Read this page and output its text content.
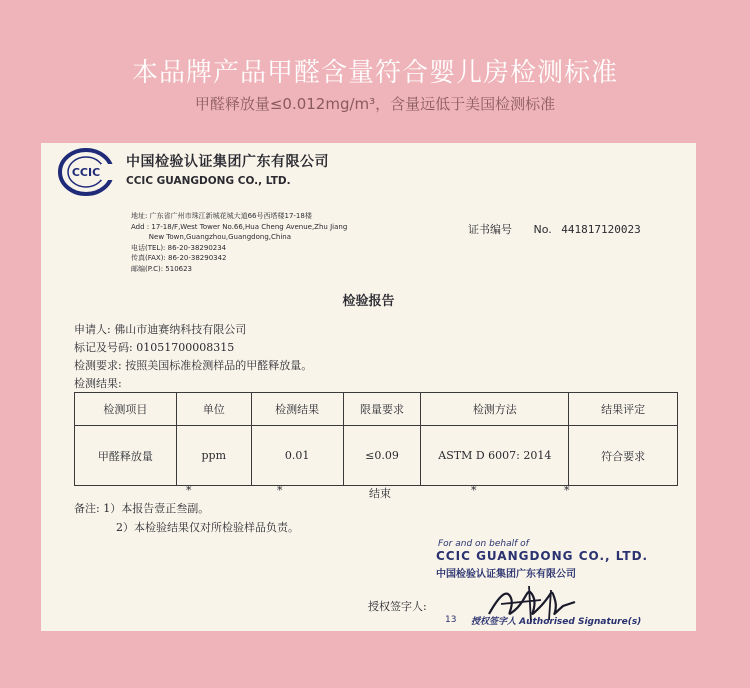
本品牌产品甲醛含量符合婴儿房检测标准
甲醛释放量≤0.012mg/m³，含量远低于美国检测标准
CCIC
中国检验认证集团广东有限公司
CCIC GUANGDONG CO., LTD.
地址: 广东省广州市珠江新城花城大道66号西塔楼17-18楼
Add : 17-18/F,West Tower No.66,Hua Cheng Avenue,Zhu Jiang
New Town,Guangzhou,Guangdong,China
电话(TEL): 86-20-38290234
传真(FAX): 86-20-38290342
邮编(P.C): 510623
证书编号 No. 441817120023
检验报告
申请人: 佛山市迪赛纳科技有限公司
标记及号码: 01051700008315
检测要求: 按照美国标准检测样品的甲醛释放量。
检测结果:
检测项目	单位	检测结果	限量要求	检测方法	结果评定
甲醛释放量	ppm	0.01	≤0.09	ASTM D 6007: 2014	符合要求
*	*	结束	*	*
备注: 1）本报告壹正叁副。
2）本检验结果仅对所检验样品负责。
For and on behalf of
CCIC GUANGDONG CO., LTD.
中国检验认证集团广东有限公司
授权签字人:
13 授权签字人 Authorised Signature(s)
